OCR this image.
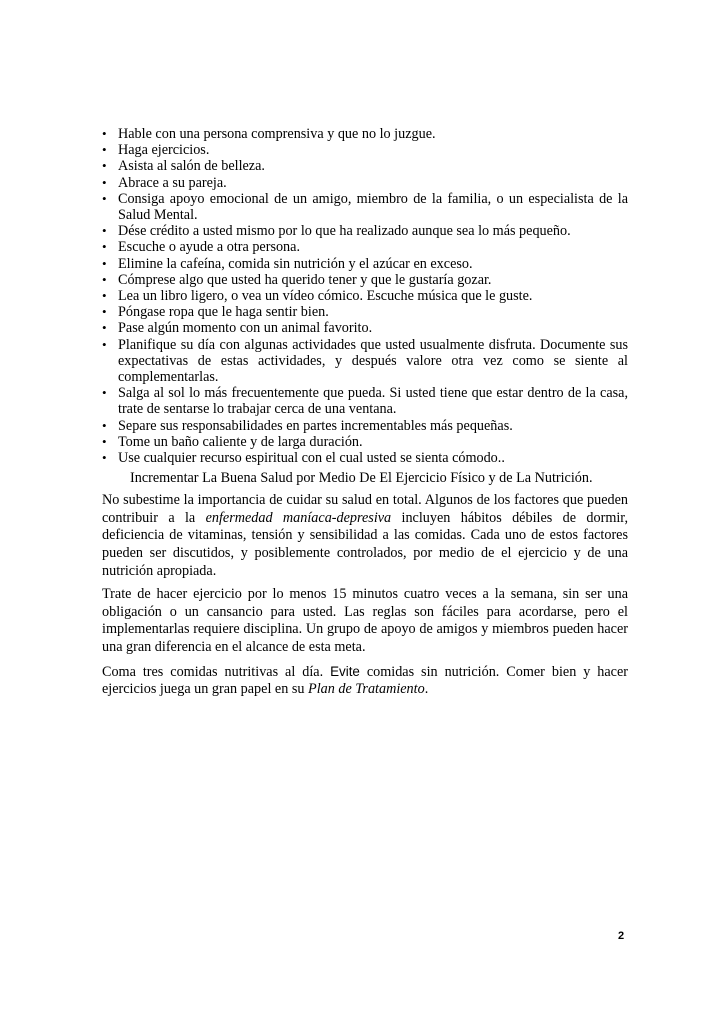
• Hable con una persona comprensiva y que no lo juzgue.
• Haga ejercicios.
• Asista al salón de belleza.
• Abrace a su pareja.
• Consiga apoyo emocional de un amigo, miembro de la familia, o un especialista de la Salud Mental.
• Dése crédito a usted mismo por lo que ha realizado aunque sea lo más pequeño.
• Escuche o ayude a otra persona.
• Elimine la cafeína, comida sin nutrición y el azúcar en exceso.
• Cómprese algo que usted ha querido tener y que le gustaría gozar.
• Lea un libro ligero, o vea un vídeo cómico. Escuche música que le guste.
• Póngase ropa que le haga sentir bien.
• Pase algún momento con un animal favorito.
• Planifique su día con algunas actividades que usted usualmente disfruta. Documente sus expectativas de estas actividades, y después valore otra vez como se siente al complementarlas.
• Salga al sol lo más frecuentemente que pueda. Si usted tiene que estar dentro de la casa, trate de sentarse lo trabajar cerca de una ventana.
• Separe sus responsabilidades en partes incrementables más pequeñas.
• Tome un baño caliente y de larga duración.
• Use cualquier recurso espiritual con el cual usted se sienta cómodo..
Incrementar La Buena Salud por Medio De El Ejercicio Físico y de La Nutrición.

No subestime la importancia de cuidar su salud en total. Algunos de los factores que pueden contribuir a la enfermedad maníaca-depresiva incluyen hábitos débiles de dormir, deficiencia de vitaminas, tensión y sensibilidad a las comidas. Cada uno de estos factores pueden ser discutidos, y posiblemente controlados, por medio de el ejercicio y de una nutrición apropiada.

Trate de hacer ejercicio por lo menos 15 minutos cuatro veces a la semana, sin ser una obligación o un cansancio para usted. Las reglas son fáciles para acordarse, pero el implementarlas requiere disciplina. Un grupo de apoyo de amigos y miembros pueden hacer una gran diferencia en el alcance de esta meta.

Coma tres comidas nutritivas al día. Evite comidas sin nutrición. Comer bien y hacer ejercicios juega un gran papel en su Plan de Tratamiento.

2
